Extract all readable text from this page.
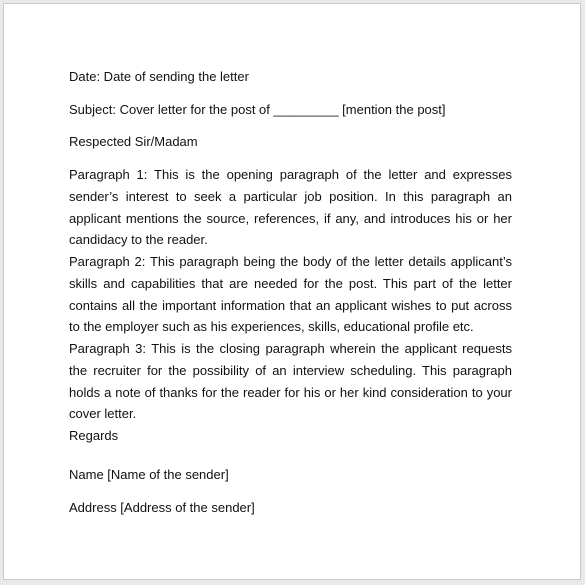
Date: Date of sending the letter
Subject: Cover letter for the post of _________ [mention the post]
Respected Sir/Madam
Paragraph 1: This is the opening paragraph of the letter and expresses sender’s interest to seek a particular job position. In this paragraph an applicant mentions the source, references, if any, and introduces his or her candidacy to the reader.
Paragraph 2: This paragraph being the body of the letter details applicant’s skills and capabilities that are needed for the post. This part of the letter contains all the important information that an applicant wishes to put across to the employer such as his experiences, skills, educational profile etc.
Paragraph 3: This is the closing paragraph wherein the applicant requests the recruiter for the possibility of an interview scheduling. This paragraph holds a note of thanks for the reader for his or her kind consideration to your cover letter.
Regards
Name [Name of the sender]
Address [Address of the sender]
